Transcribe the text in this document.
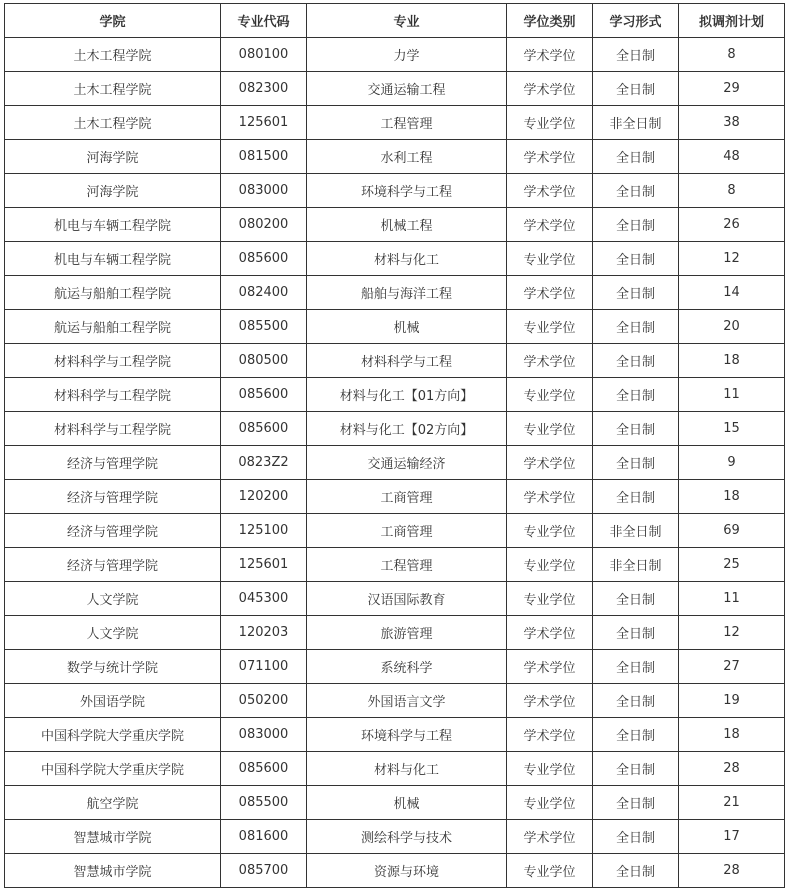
学院	专业代码	专业	学位类别	学习形式	拟调剂计划
土木工程学院	080100	力学	学术学位	全日制	8
土木工程学院	082300	交通运输工程	学术学位	全日制	29
土木工程学院	125601	工程管理	专业学位	非全日制	38
河海学院	081500	水利工程	学术学位	全日制	48
河海学院	083000	环境科学与工程	学术学位	全日制	8
机电与车辆工程学院	080200	机械工程	学术学位	全日制	26
机电与车辆工程学院	085600	材料与化工	专业学位	全日制	12
航运与船舶工程学院	082400	船舶与海洋工程	学术学位	全日制	14
航运与船舶工程学院	085500	机械	专业学位	全日制	20
材料科学与工程学院	080500	材料科学与工程	学术学位	全日制	18
材料科学与工程学院	085600	材料与化工【01方向】	专业学位	全日制	11
材料科学与工程学院	085600	材料与化工【02方向】	专业学位	全日制	15
经济与管理学院	0823Z2	交通运输经济	学术学位	全日制	9
经济与管理学院	120200	工商管理	学术学位	全日制	18
经济与管理学院	125100	工商管理	专业学位	非全日制	69
经济与管理学院	125601	工程管理	专业学位	非全日制	25
人文学院	045300	汉语国际教育	专业学位	全日制	11
人文学院	120203	旅游管理	学术学位	全日制	12
数学与统计学院	071100	系统科学	学术学位	全日制	27
外国语学院	050200	外国语言文学	学术学位	全日制	19
中国科学院大学重庆学院	083000	环境科学与工程	学术学位	全日制	18
中国科学院大学重庆学院	085600	材料与化工	专业学位	全日制	28
航空学院	085500	机械	专业学位	全日制	21
智慧城市学院	081600	测绘科学与技术	学术学位	全日制	17
智慧城市学院	085700	资源与环境	专业学位	全日制	28
